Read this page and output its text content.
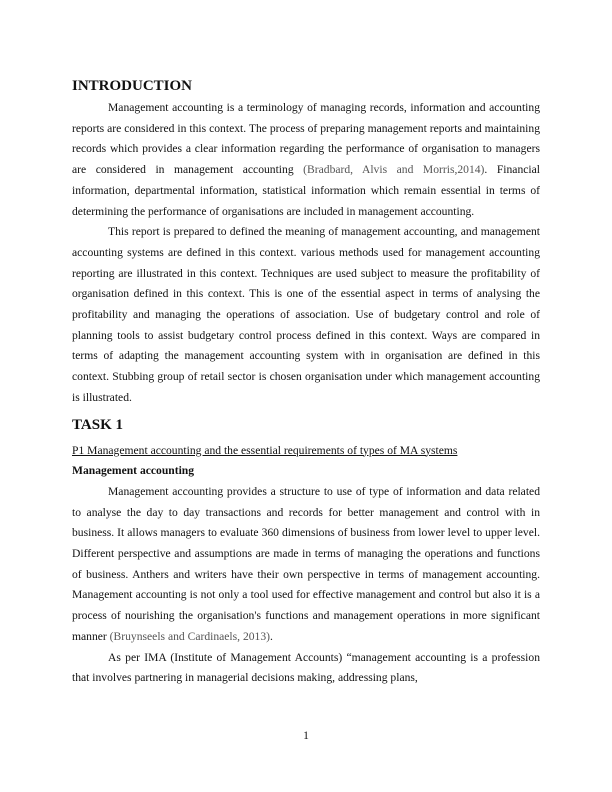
INTRODUCTION

Management accounting is a terminology of managing records, information and accounting reports are considered in this context. The process of preparing management reports and maintaining records which provides a clear information regarding the performance of organisation to managers are considered in management accounting (Bradbard, Alvis and Morris,2014). Financial information, departmental information, statistical information which remain essential in terms of determining the performance of organisations are included in management accounting.

This report is prepared to defined the meaning of management accounting, and management accounting systems are defined in this context. various methods used for management accounting reporting are illustrated in this context. Techniques are used subject to measure the profitability of organisation defined in this context. This is one of the essential aspect in terms of analysing the profitability and managing the operations of association. Use of budgetary control and role of planning tools to assist budgetary control process defined in this context. Ways are compared in terms of adapting the management accounting system with in organisation are defined in this context. Stubbing group of retail sector is chosen organisation under which management accounting is illustrated.

TASK 1

P1 Management accounting and the essential requirements of types of MA systems

Management accounting

Management accounting provides a structure to use of type of information and data related to analyse the day to day transactions and records for better management and control with in business. It allows managers to evaluate 360 dimensions of business from lower level to upper level. Different perspective and assumptions are made in terms of managing the operations and functions of business. Anthers and writers have their own perspective in terms of management accounting. Management accounting is not only a tool used for effective management and control but also it is a process of nourishing the organisation's functions and management operations in more significant manner (Bruynseels and Cardinaels, 2013).

As per IMA (Institute of Management Accounts) “management accounting is a profession that involves partnering in managerial decisions making, addressing plans,

1
